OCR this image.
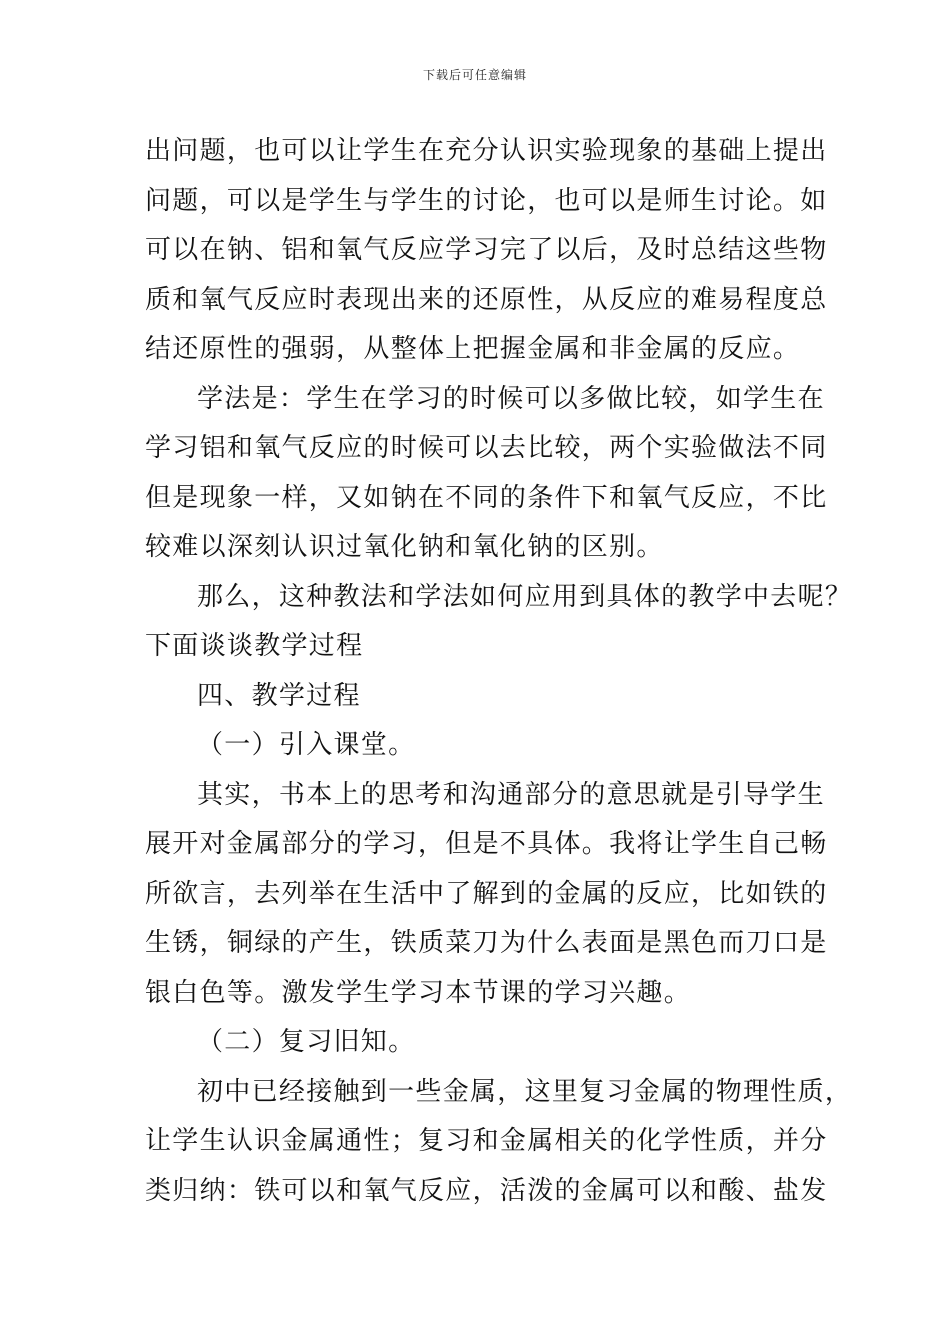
下载后可任意编辑
出问题，也可以让学生在充分认识实验现象的基础上提出
问题，可以是学生与学生的讨论，也可以是师生讨论。如
可以在钠、铝和氧气反应学习完了以后，及时总结这些物
质和氧气反应时表现出来的还原性，从反应的难易程度总
结还原性的强弱，从整体上把握金属和非金属的反应。
学法是：学生在学习的时候可以多做比较，如学生在
学习铝和氧气反应的时候可以去比较，两个实验做法不同
但是现象一样，又如钠在不同的条件下和氧气反应，不比
较难以深刻认识过氧化钠和氧化钠的区别。
那么，这种教法和学法如何应用到具体的教学中去呢？
下面谈谈教学过程
四、教学过程
（一）引入课堂。
其实，书本上的思考和沟通部分的意思就是引导学生
展开对金属部分的学习，但是不具体。我将让学生自己畅
所欲言，去列举在生活中了解到的金属的反应，比如铁的
生锈，铜绿的产生，铁质菜刀为什么表面是黑色而刀口是
银白色等。激发学生学习本节课的学习兴趣。
（二）复习旧知。
初中已经接触到一些金属，这里复习金属的物理性质，
让学生认识金属通性；复习和金属相关的化学性质，并分
类归纳：铁可以和氧气反应，活泼的金属可以和酸、盐发
